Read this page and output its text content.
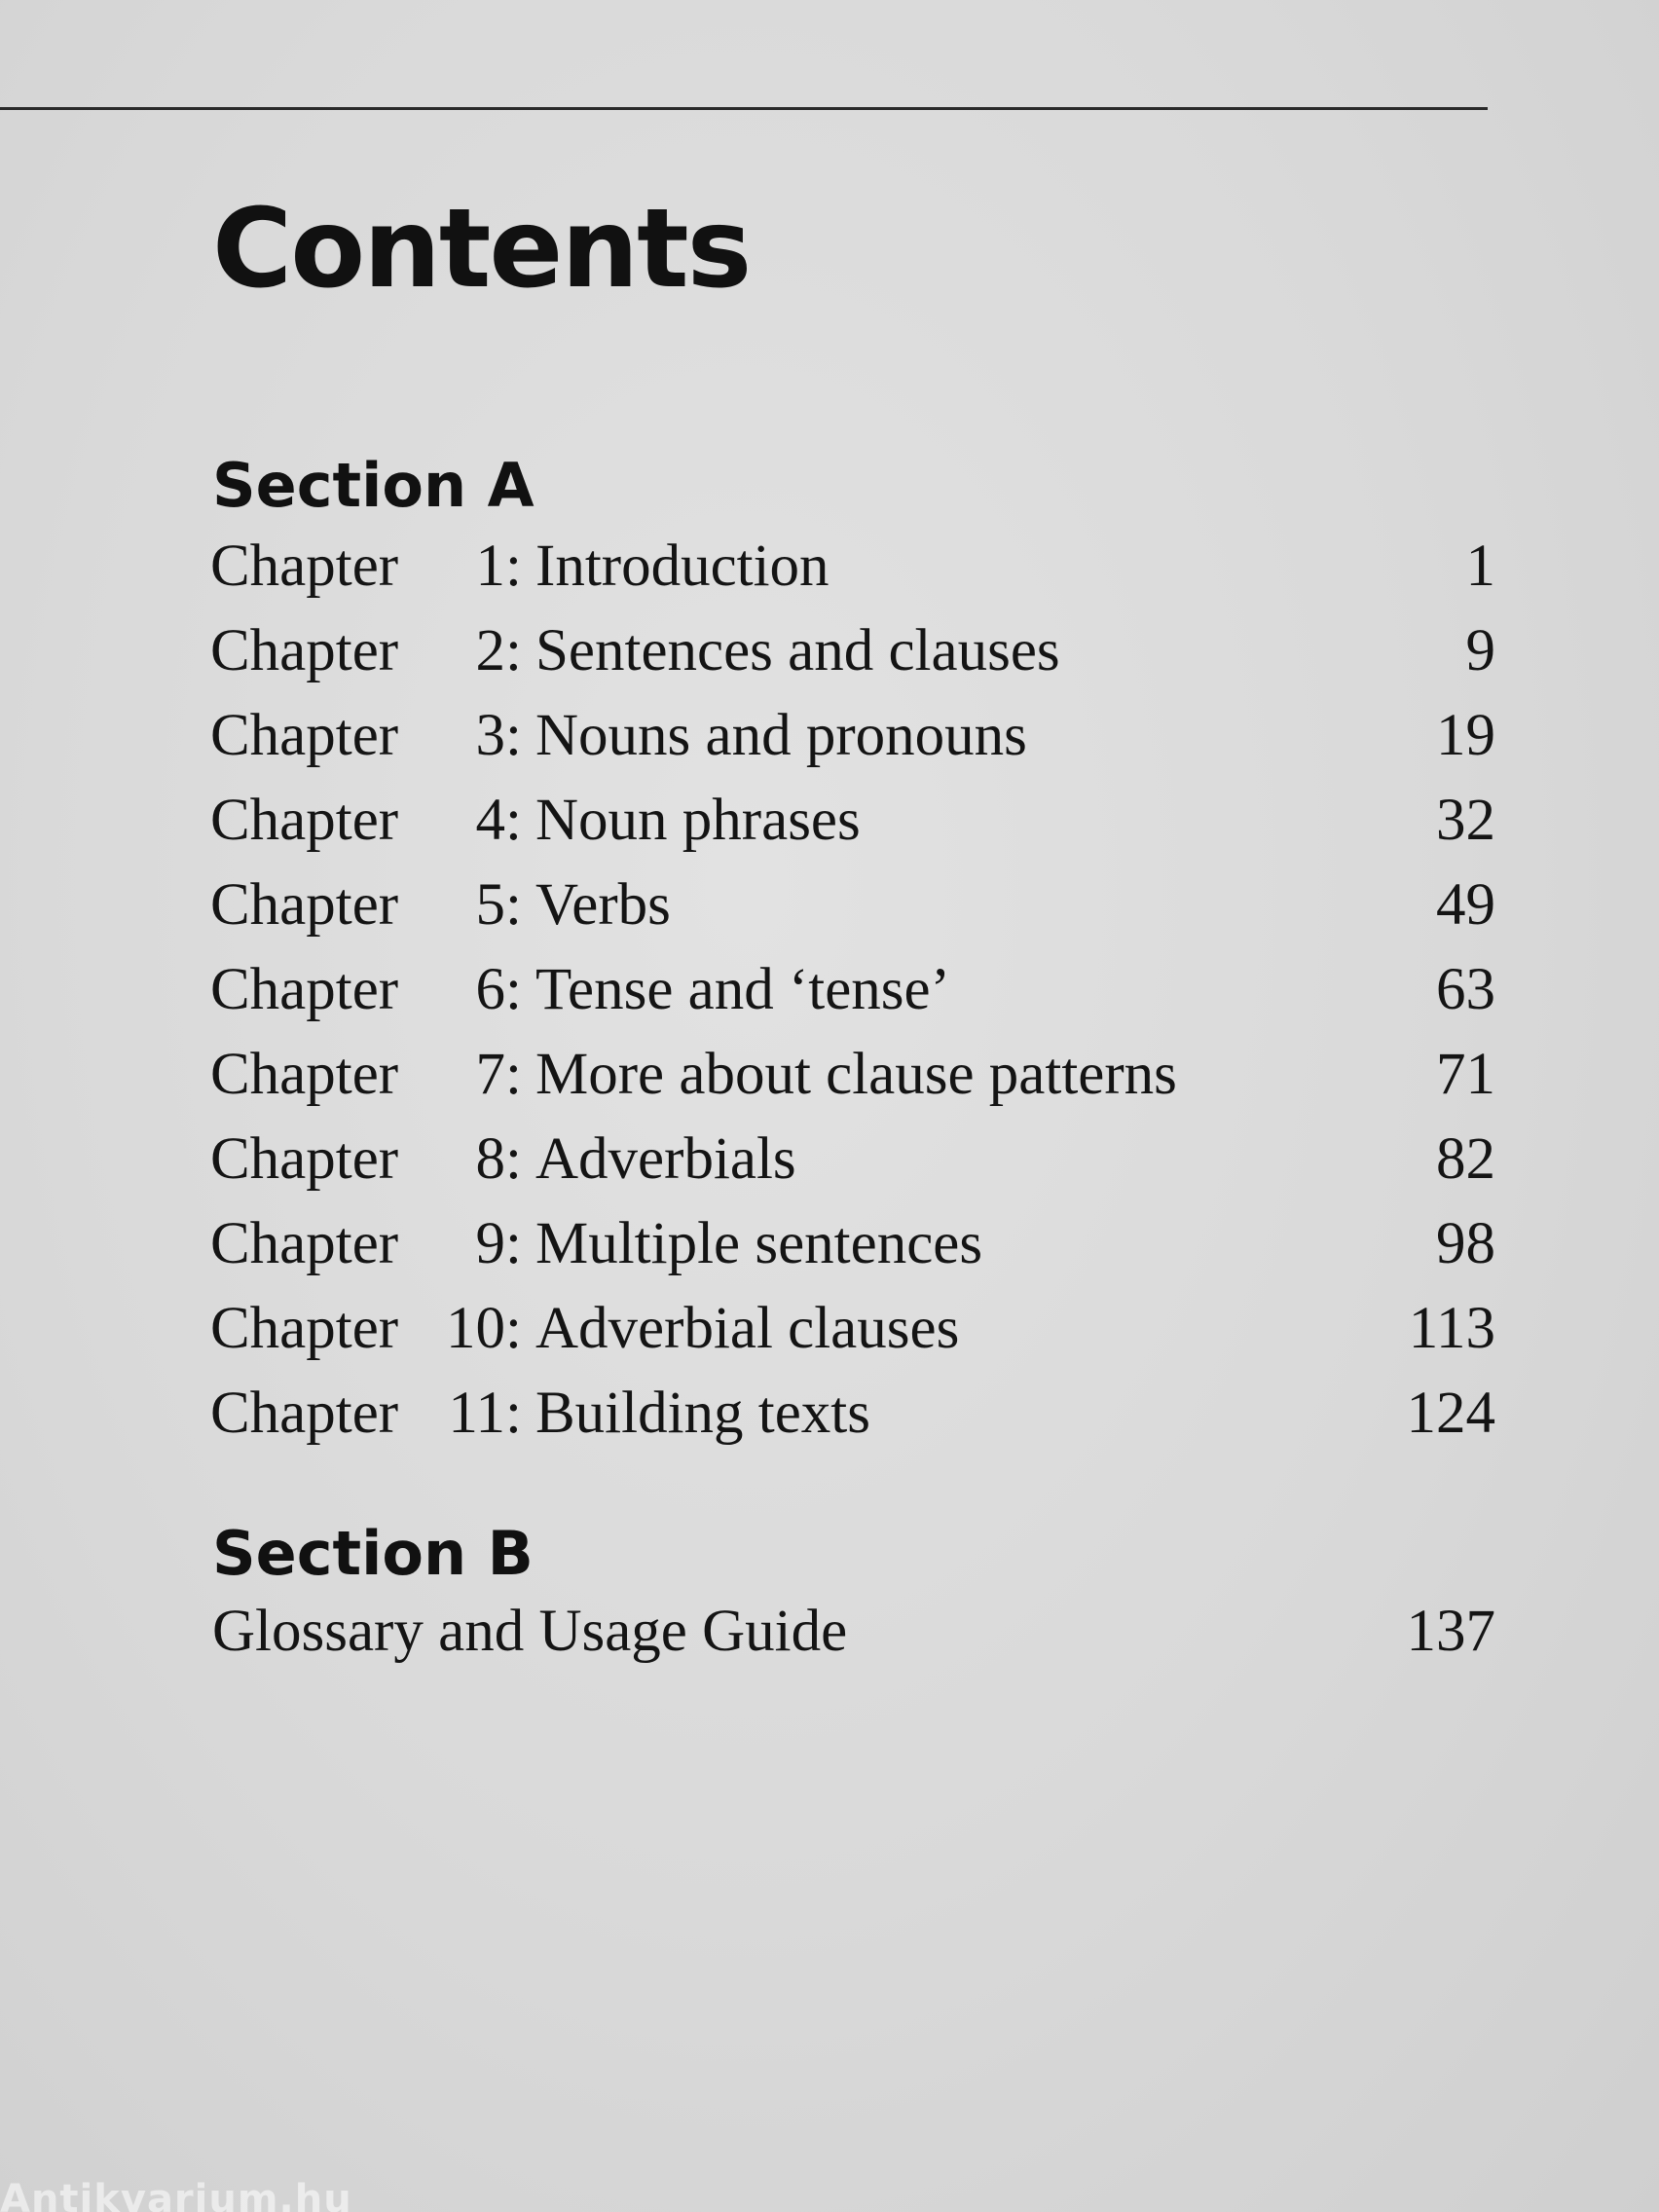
Contents
Section A
Chapter	1: Introduction	1
Chapter	2: Sentences and clauses	9
Chapter	3: Nouns and pronouns	19
Chapter	4: Noun phrases	32
Chapter	5: Verbs	49
Chapter	6: Tense and ‘tense’	63
Chapter	7: More about clause patterns	71
Chapter	8: Adverbials	82
Chapter	9: Multiple sentences	98
Chapter 10: Adverbial clauses	113
Chapter 11: Building texts	124
Section B
Glossary and Usage Guide	137
Antikvarium.hu
